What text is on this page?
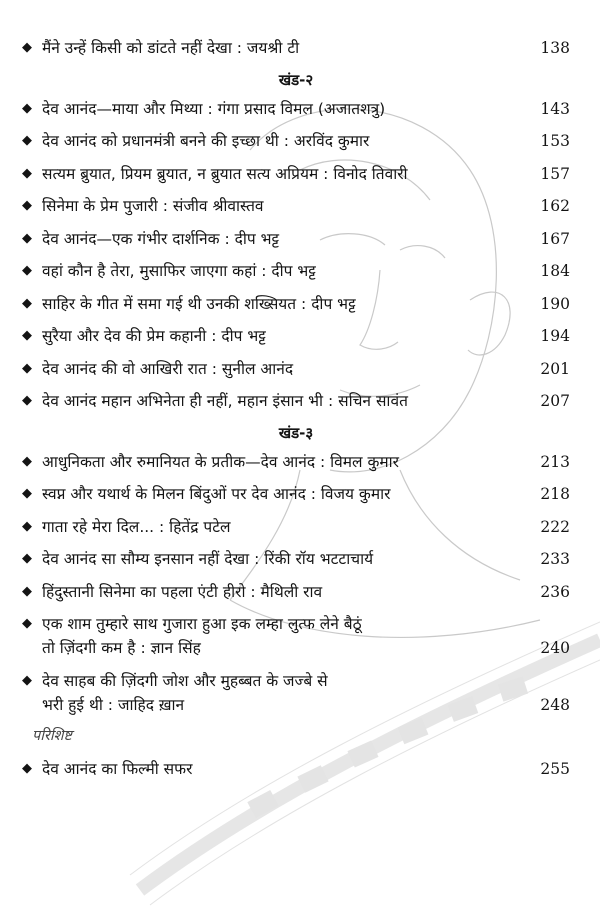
◆ मैंने उन्हें किसी को डांटते नहीं देखा : जयश्री टी	138
खंड-२
◆ देव आनंद—माया और मिथ्या : गंगा प्रसाद विमल (अजातशत्रु)	143
◆ देव आनंद को प्रधानमंत्री बनने की इच्छा थी : अरविंद कुमार	153
◆ सत्यम ब्रुयात, प्रियम ब्रुयात, न ब्रुयात सत्य अप्रियम : विनोद तिवारी	157
◆ सिनेमा के प्रेम पुजारी : संजीव श्रीवास्तव	162
◆ देव आनंद—एक गंभीर दार्शनिक : दीप भट्ट	167
◆ वहां कौन है तेरा, मुसाफिर जाएगा कहां : दीप भट्ट	184
◆ साहिर के गीत में समा गई थी उनकी शख्सियत : दीप भट्ट	190
◆ सुरैया और देव की प्रेम कहानी : दीप भट्ट	194
◆ देव आनंद की वो आखिरी रात : सुनील आनंद	201
◆ देव आनंद महान अभिनेता ही नहीं, महान इंसान भी : सचिन सावंत	207
खंड-३
◆ आधुनिकता और रुमानियत के प्रतीक—देव आनंद : विमल कुमार	213
◆ स्वप्न और यथार्थ के मिलन बिंदुओं पर देव आनंद : विजय कुमार	218
◆ गाता रहे मेरा दिल... : हितेंद्र पटेल	222
◆ देव आनंद सा सौम्य इनसान नहीं देखा : रिंकी रॉय भटटाचार्य	233
◆ हिंदुस्तानी सिनेमा का पहला एंटी हीरो : मैथिली राव	236
◆ एक शाम तुम्हारे साथ गुजारा हुआ इक लम्हा लुत्फ लेने बैठूं
तो ज़िंदगी कम है : ज्ञान सिंह	240
◆ देव साहब की ज़िंदगी जोश और मुहब्बत के जज्बे से
भरी हुई थी : जाहिद ख़ान	248
परिशिष्ट
◆ देव आनंद का फिल्मी सफर	255
